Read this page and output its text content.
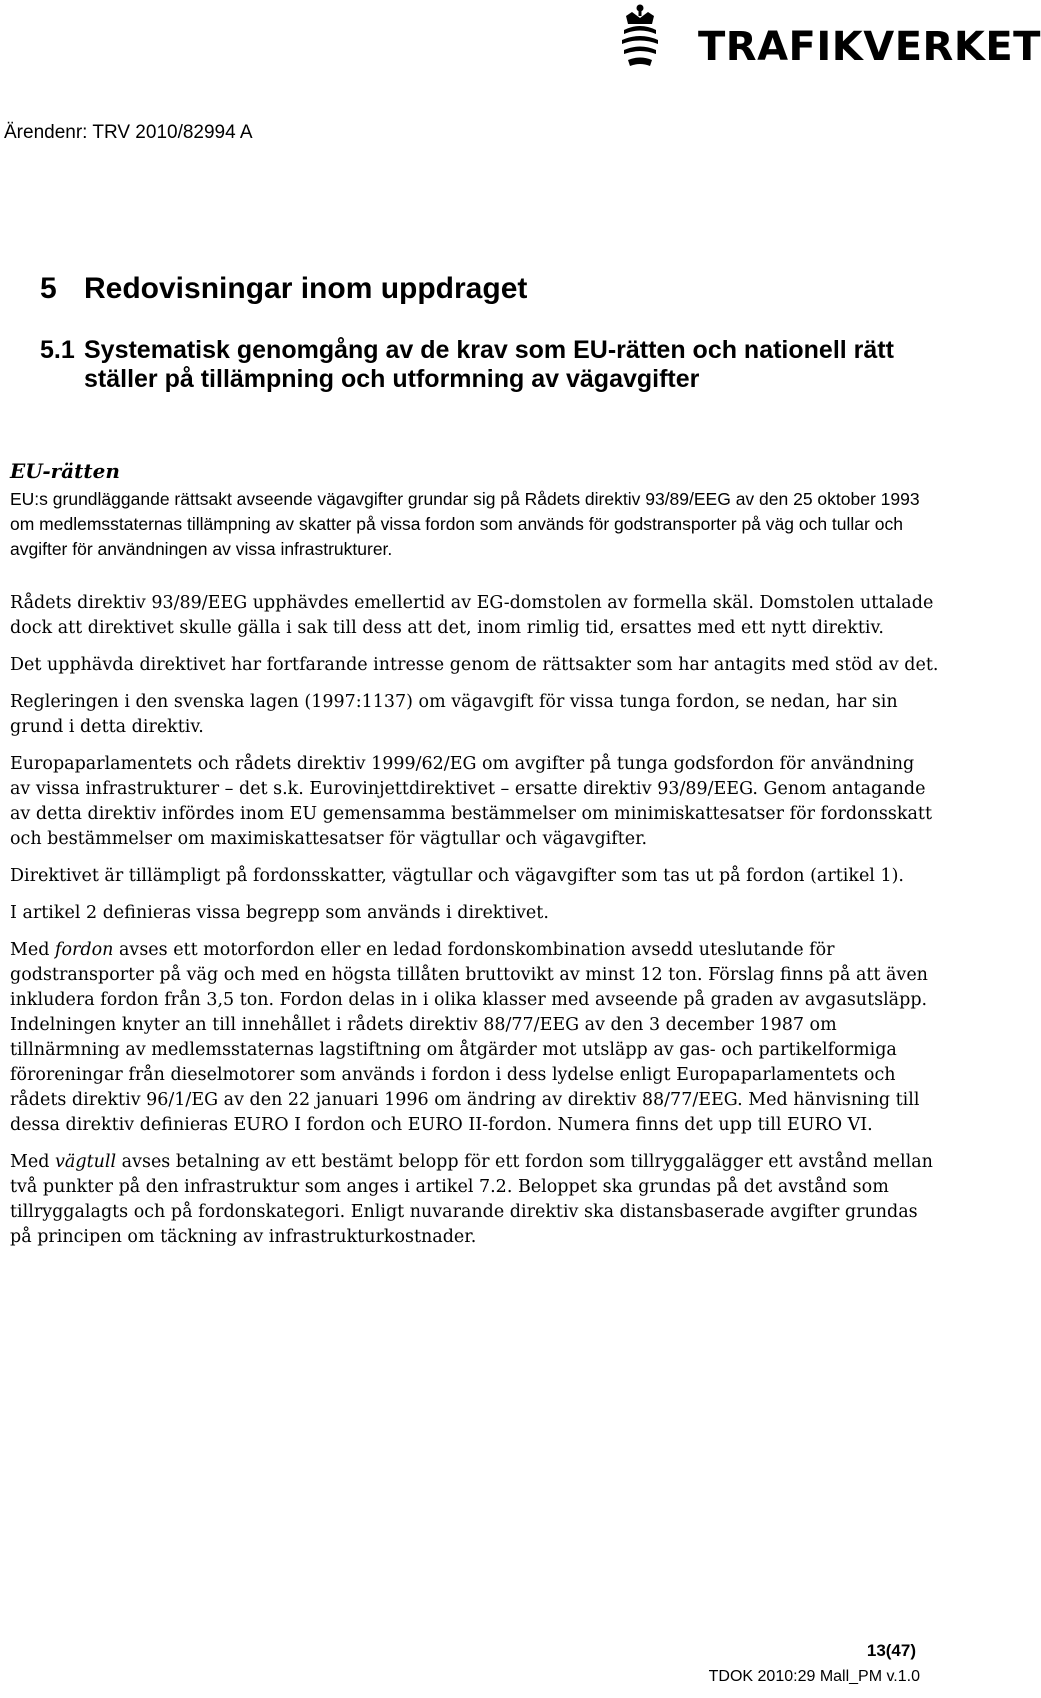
TRAFIKVERKET
Ärendenr: TRV 2010/82994 A
5 Redovisningar inom uppdraget
5.1 Systematisk genomgång av de krav som EU-rätten och nationell rätt ställer på tillämpning och utformning av vägavgifter
EU-rätten
EU:s grundläggande rättsakt avseende vägavgifter grundar sig på Rådets direktiv 93/89/EEG av den 25 oktober 1993 om medlemsstaternas tillämpning av skatter på vissa fordon som används för godstransporter på väg och tullar och avgifter för användningen av vissa infrastrukturer.

Rådets direktiv 93/89/EEG upphävdes emellertid av EG-domstolen av formella skäl. Domstolen uttalade dock att direktivet skulle gälla i sak till dess att det, inom rimlig tid, ersattes med ett nytt direktiv.

Det upphävda direktivet har fortfarande intresse genom de rättsakter som har antagits med stöd av det.

Regleringen i den svenska lagen (1997:1137) om vägavgift för vissa tunga fordon, se nedan, har sin grund i detta direktiv.

Europaparlamentets och rådets direktiv 1999/62/EG om avgifter på tunga godsfordon för användning av vissa infrastrukturer – det s.k. Eurovinjettdirektivet – ersatte direktiv 93/89/EEG. Genom antagande av detta direktiv infördes inom EU gemensamma bestämmelser om minimiskattesatser för fordonsskatt och bestämmelser om maximiskattesatser för vägtullar och vägavgifter.

Direktivet är tillämpligt på fordonsskatter, vägtullar och vägavgifter som tas ut på fordon (artikel 1).

I artikel 2 definieras vissa begrepp som används i direktivet.

Med fordon avses ett motorfordon eller en ledad fordonskombination avsedd uteslutande för godstransporter på väg och med en högsta tillåten bruttovikt av minst 12 ton. Förslag finns på att även inkludera fordon från 3,5 ton. Fordon delas in i olika klasser med avseende på graden av avgasutsläpp. Indelningen knyter an till innehållet i rådets direktiv 88/77/EEG av den 3 december 1987 om tillnärmning av medlemsstaternas lagstiftning om åtgärder mot utsläpp av gas- och partikelformiga föroreningar från dieselmotorer som används i fordon i dess lydelse enligt Europaparlamentets och rådets direktiv 96/1/EG av den 22 januari 1996 om ändring av direktiv 88/77/EEG. Med hänvisning till dessa direktiv definieras EURO I fordon och EURO II-fordon. Numera finns det upp till EURO VI.

Med vägtull avses betalning av ett bestämt belopp för ett fordon som tillryggalägger ett avstånd mellan två punkter på den infrastruktur som anges i artikel 7.2. Beloppet ska grundas på det avstånd som tillryggalagts och på fordonskategori. Enligt nuvarande direktiv ska distansbaserade avgifter grundas på principen om täckning av infrastrukturkostnader.

13(47)
TDOK 2010:29 Mall_PM v.1.0
